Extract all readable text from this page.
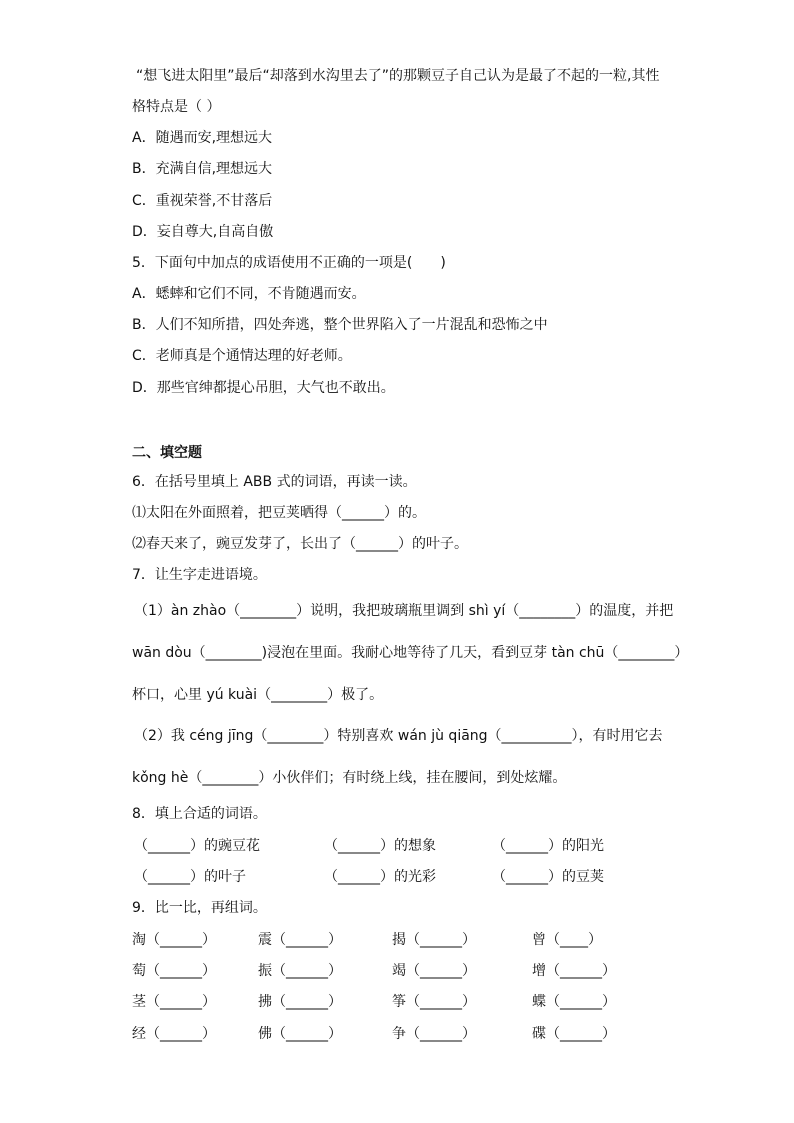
“想飞进太阳里”最后“却落到水沟里去了”的那颗豆子自己认为是最了不起的一粒,其性
格特点是（ ）
A．随遇而安,理想远大
B．充满自信,理想远大
C．重视荣誉,不甘落后
D．妄自尊大,自高自傲
5．下面句中加点的成语使用不正确的一项是(　　)
A．蟋蟀和它们不同，不肯随遇而安。
B．人们不知所措，四处奔逃，整个世界陷入了一片混乱和恐怖之中
C．老师真是个通情达理的好老师。
D．那些官绅都提心吊胆，大气也不敢出。
二、填空题
6．在括号里填上 ABB 式的词语，再读一读。
⑴太阳在外面照着，把豆荚晒得（______）的。
⑵春天来了，豌豆发芽了，长出了（______）的叶子。
7．让生字走进语境。
（1）àn zhào（________）说明，我把玻璃瓶里调到 shì yí（________）的温度，并把
wān dòu（________)浸泡在里面。我耐心地等待了几天，看到豆芽 tàn chū（________）
杯口，心里 yú kuài（________）极了。
（2）我 céng jīng（________）特别喜欢 wán jù qiāng（__________），有时用它去
kǒng hè（________）小伙伴们；有时绕上线，挂在腰间，到处炫耀。
8．填上合适的词语。
（______）的豌豆花	（______）的想象	（______）的阳光
（______）的叶子	（______）的光彩	（______）的豆荚
9．比一比，再组词。
淘（______）	震（______）	揭（______）	曾（____）
萄（______）	振（______）	竭（______）	增（______）
茎（______）	拂（______）	筝（______）	蝶（______）
经（______）	佛（______）	争（______）	碟（______）
